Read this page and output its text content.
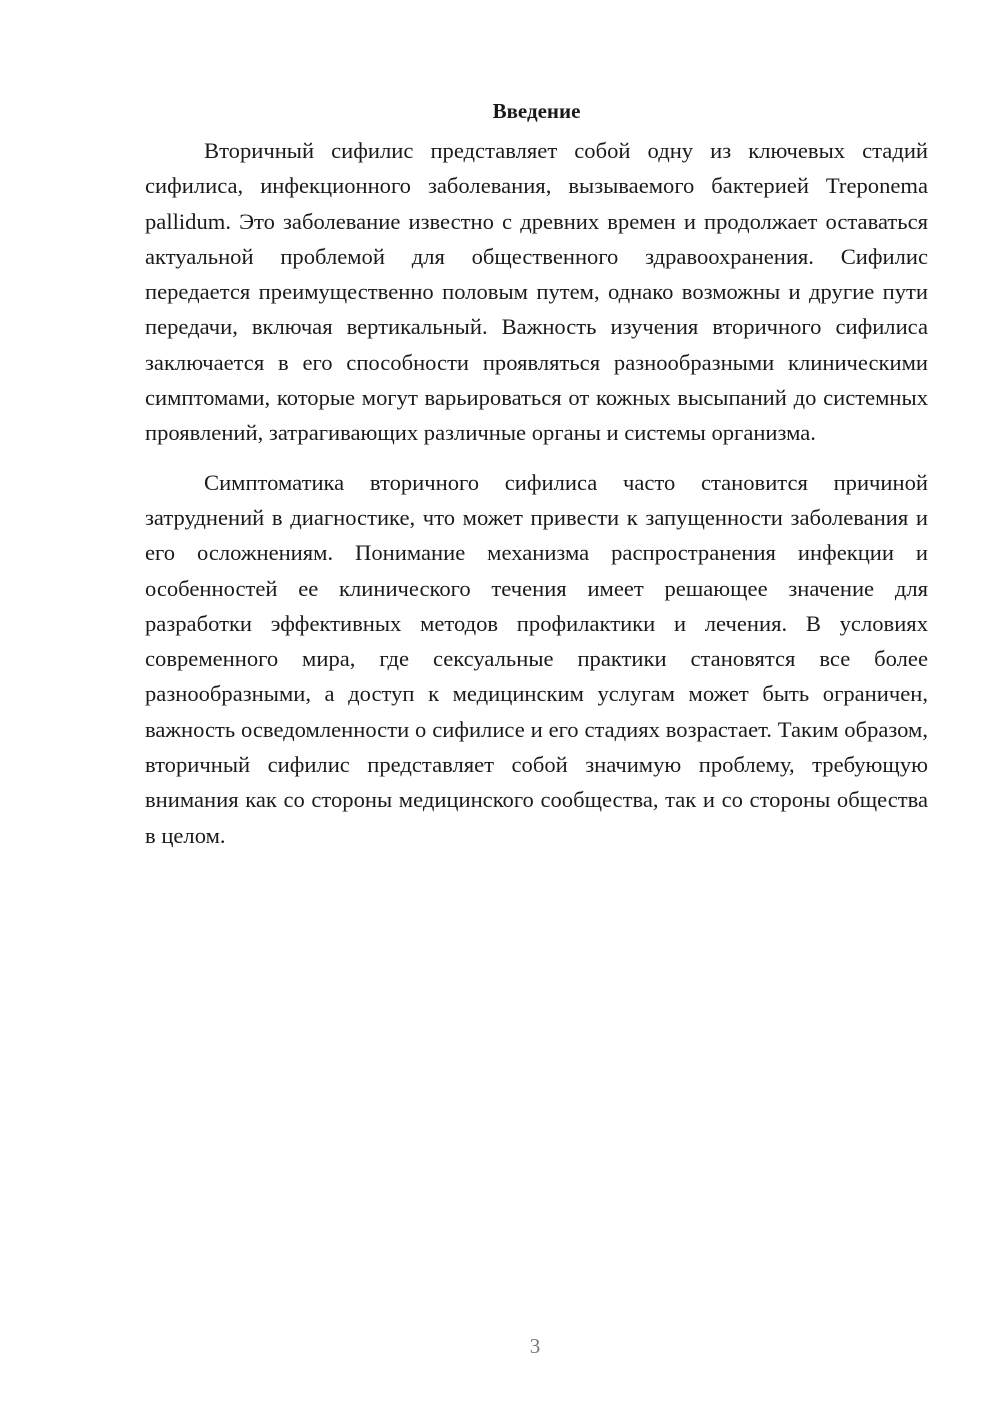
Введение

Вторичный сифилис представляет собой одну из ключевых стадий сифилиса, инфекционного заболевания, вызываемого бактерией Treponema pallidum. Это заболевание известно с древних времен и продолжает оставаться актуальной проблемой для общественного здравоохранения. Сифилис передается преимущественно половым путем, однако возможны и другие пути передачи, включая вертикальный. Важность изучения вторичного сифилиса заключается в его способности проявляться разнообразными клиническими симптомами, которые могут варьироваться от кожных высыпаний до системных проявлений, затрагивающих различные органы и системы организма.

Симптоматика вторичного сифилиса часто становится причиной затруднений в диагностике, что может привести к запущенности заболевания и его осложнениям. Понимание механизма распространения инфекции и особенностей ее клинического течения имеет решающее значение для разработки эффективных методов профилактики и лечения. В условиях современного мира, где сексуальные практики становятся все более разнообразными, а доступ к медицинским услугам может быть ограничен, важность осведомленности о сифилисе и его стадиях возрастает. Таким образом, вторичный сифилис представляет собой значимую проблему, требующую внимания как со стороны медицинского сообщества, так и со стороны общества в целом.

3
